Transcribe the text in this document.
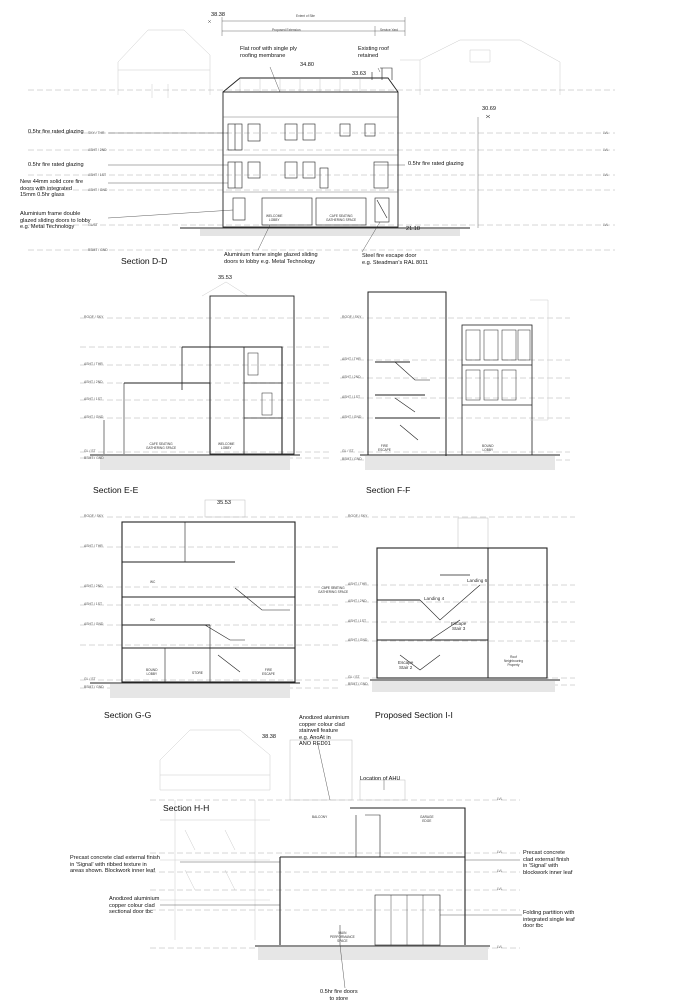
38.38	Extent of Site
Proposed Extension	Service Yard
Flat roof with single ply
roofing membrane
Existing roof
retained
34.80
33.63
30.69
0.5hr fire rated glazing
0.5hr fire rated glazing	0.5hr fire rated glazing
New 44mm solid core fire
doors with integrated
15mm 0.5hr glass
Aluminium frame double
glazed sliding doors to lobby
e.g. Metal Technology
WELCOME
LOBBY
CAFE SEATING
GATHERING SPACE
21.18
Aluminium frame single glazed sliding
doors to lobby e.g. Metal Technology
Steel fire escape door
e.g. Steadman's RAL 8011
Section D-D
SKY / THR
ASHT / 2ND
ASHT / 1ST
ASHT / GND
GL/ST
BSMT / GND
LVL
LVL
LVL
LVL
35.53
ROOF / SKY
ASHT / THR
ASHT / 2ND
ASHT / 1ST
ASHT / GND
GL / ST
BSMT / GND
CAFE SEATING
GATHERING SPACE
WELCOME
LOBBY
Section E-E
ROOF / SKY
ASHT / THR
ASHT / 2ND
ASHT / 1ST
ASHT / GND
GL / ST
BSMT / GND
FIRE
ESCAPE
BOUND
LOBBY
Section F-F
35.53
ROOF / SKY
ASHT / THR
ASHT / 2ND
ASHT / 1ST
ASHT / GND
GL / ST
BSMT / GND
WC
WC
BOUND
LOBBY	STORE
FIRE
ESCAPE
Section G-G
ROOF / SKY
ASHT / THR
ASHT / 2ND
ASHT / 1ST
ASHT / GND
GL / ST
BSMT / GND
CAFE SEATING
GATHERING SPACE
Landing 6
Landing 4
Escape
Stair 3
Escape
Stair 2
Roof
Neighbouring
Property
Proposed Section I-I
Anodized aluminium
copper colour clad
stairwell feature
e.g. AnoAt in
ANO RED01
38.38
Location of AHU
Section H-H
BALCONY	GARAGE
EDGE
Precast concrete clad external finish
in 'Signal' with ribbed texture in
areas shown. Blockwork inner leaf
Precast concrete
clad external finish
in 'Signal' with
blockwork inner leaf
Anodized aluminium
copper colour clad
sectional door tbc	Folding partition with
integrated single leaf
door tbc
MAIN
PERFORMANCE
SPACE
0.5hr fire doors
to store
LVL
LVL
LVL
LVL
LVL
